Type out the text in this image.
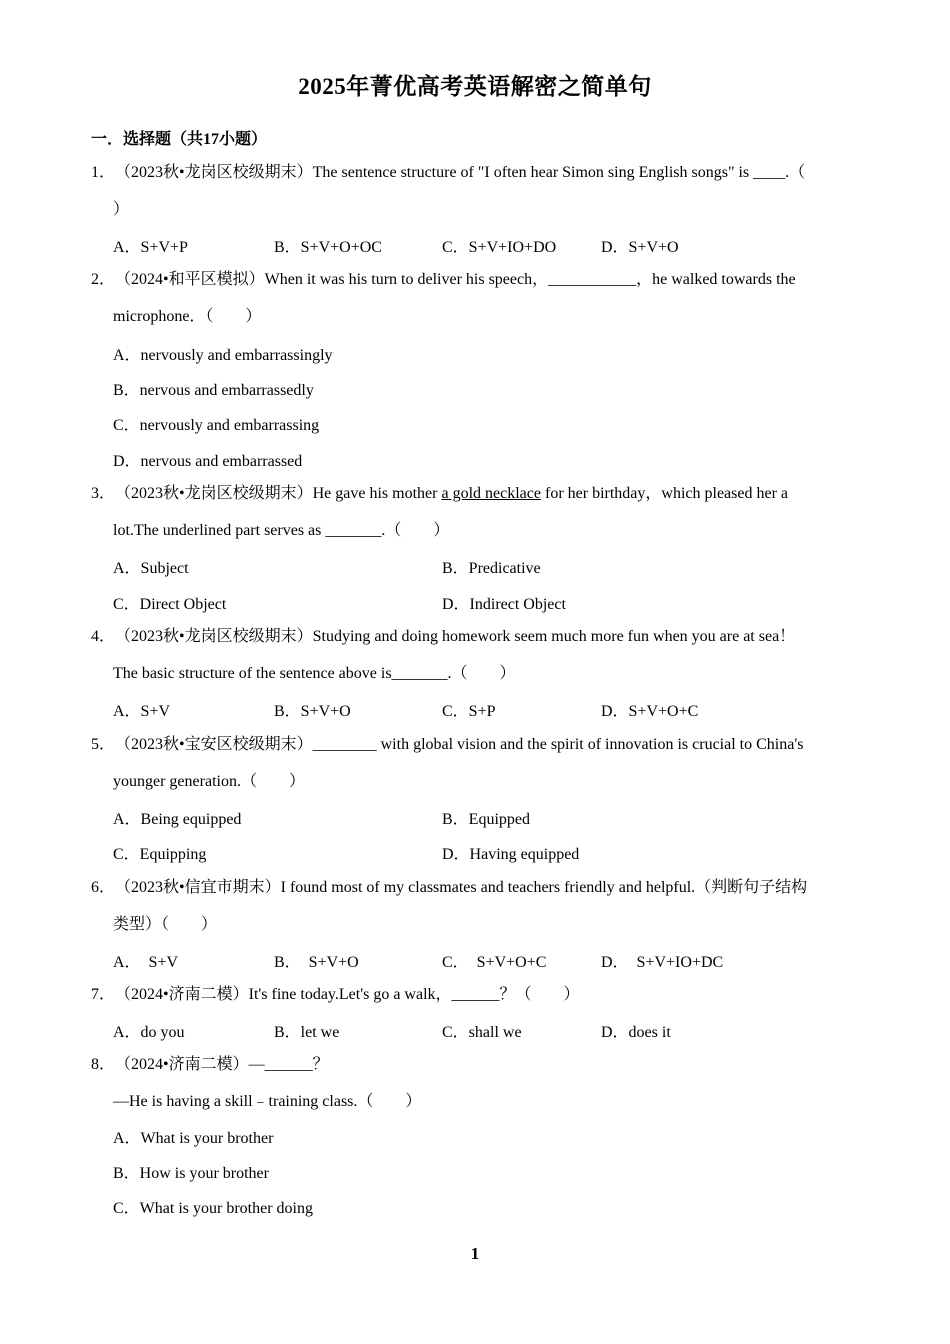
2025年菁优高考英语解密之简单句
一．选择题（共17小题）
1．（2023秋•龙岗区校级期末）The sentence structure of "I often hear Simon sing English songs" is ____.（
）
A．S+V+P	B．S+V+O+OC	C．S+V+IO+DO	D．S+V+O
2．（2024•和平区模拟）When it was his turn to deliver his speech，___________，he walked towards the
microphone．（　　）
A．nervously and embarrassingly
B．nervous and embarrassedly
C．nervously and embarrassing
D．nervous and embarrassed
3．（2023秋•龙岗区校级期末）He gave his mother a gold necklace for her birthday，which pleased her a
lot.The underlined part serves as _______.（　　）
A．Subject	B．Predicative
C．Direct Object	D．Indirect Object
4．（2023秋•龙岗区校级期末）Studying and doing homework seem much more fun when you are at sea！
The basic structure of the sentence above is_______.（　　）
A．S+V	B．S+V+O	C．S+P	D．S+V+O+C
5．（2023秋•宝安区校级期末）________ with global vision and the spirit of innovation is crucial to China's
younger generation.（　　）
A．Being equipped	B．Equipped
C．Equipping	D．Having equipped
6．（2023秋•信宜市期末）I found most of my classmates and teachers friendly and helpful.（判断句子结构
类型）（　　）
A．　S+V	B．　S+V+O	C．　S+V+O+C	D．　S+V+IO+DC
7．（2024•济南二模）It's fine today.Let's go a walk，______？（　　）
A．do you	B．let we	C．shall we	D．does it
8．（2024•济南二模）—______？
—He is having a skill﹣training class.（　　）
A．What is your brother
B．How is your brother
C．What is your brother doing
1
